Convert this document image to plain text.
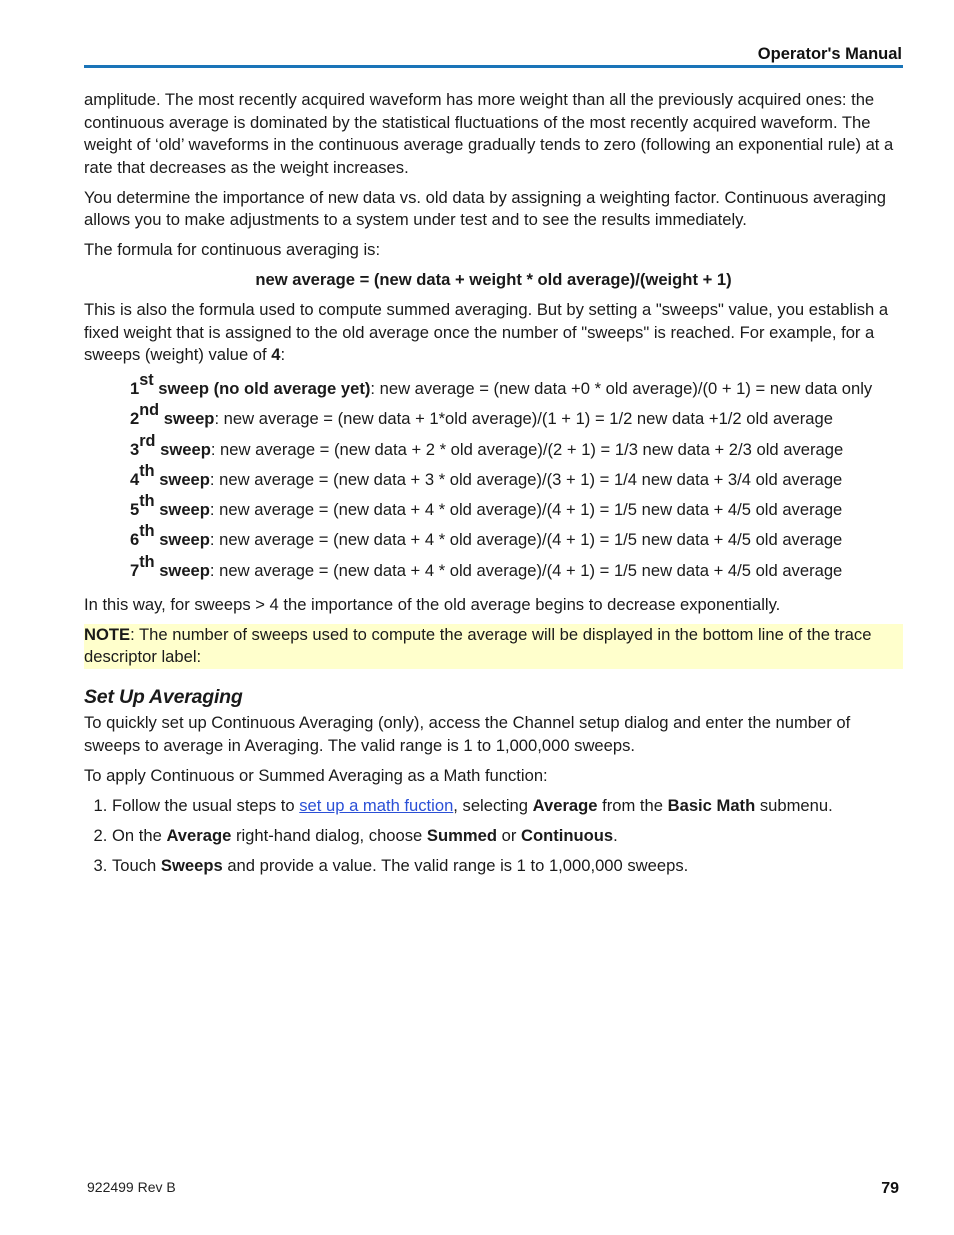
Operator's Manual

amplitude. The most recently acquired waveform has more weight than all the previously acquired ones: the continuous average is dominated by the statistical fluctuations of the most recently acquired waveform. The weight of ‘old’ waveforms in the continuous average gradually tends to zero (following an exponential rule) at a rate that decreases as the weight increases.

You determine the importance of new data vs. old data by assigning a weighting factor. Continuous averaging allows you to make adjustments to a system under test and to see the results immediately.

The formula for continuous averaging is:

new average = (new data + weight * old average)/(weight + 1)

This is also the formula used to compute summed averaging. But by setting a "sweeps" value, you establish a fixed weight that is assigned to the old average once the number of "sweeps" is reached. For example, for a sweeps (weight) value of 4:

1st sweep (no old average yet): new average = (new data +0 * old average)/(0 + 1) = new data only
2nd sweep: new average = (new data + 1*old average)/(1 + 1) = 1/2 new data +1/2 old average
3rd sweep: new average = (new data + 2 * old average)/(2 + 1) = 1/3 new data + 2/3 old average
4th sweep: new average = (new data + 3 * old average)/(3 + 1) = 1/4 new data + 3/4 old average
5th sweep: new average = (new data + 4 * old average)/(4 + 1) = 1/5 new data + 4/5 old average
6th sweep: new average = (new data + 4 * old average)/(4 + 1) = 1/5 new data + 4/5 old average
7th sweep: new average = (new data + 4 * old average)/(4 + 1) = 1/5 new data + 4/5 old average

In this way, for sweeps > 4 the importance of the old average begins to decrease exponentially.

NOTE: The number of sweeps used to compute the average will be displayed in the bottom line of the trace descriptor label:
Set Up Averaging

To quickly set up Continuous Averaging (only), access the Channel setup dialog and enter the number of sweeps to average in Averaging. The valid range is 1 to 1,000,000 sweeps.

To apply Continuous or Summed Averaging as a Math function:

1. Follow the usual steps to set up a math fuction, selecting Average from the Basic Math submenu.
2. On the Average right-hand dialog, choose Summed or Continuous.
3. Touch Sweeps and provide a value. The valid range is 1 to 1,000,000 sweeps.
922499 Rev B	79
